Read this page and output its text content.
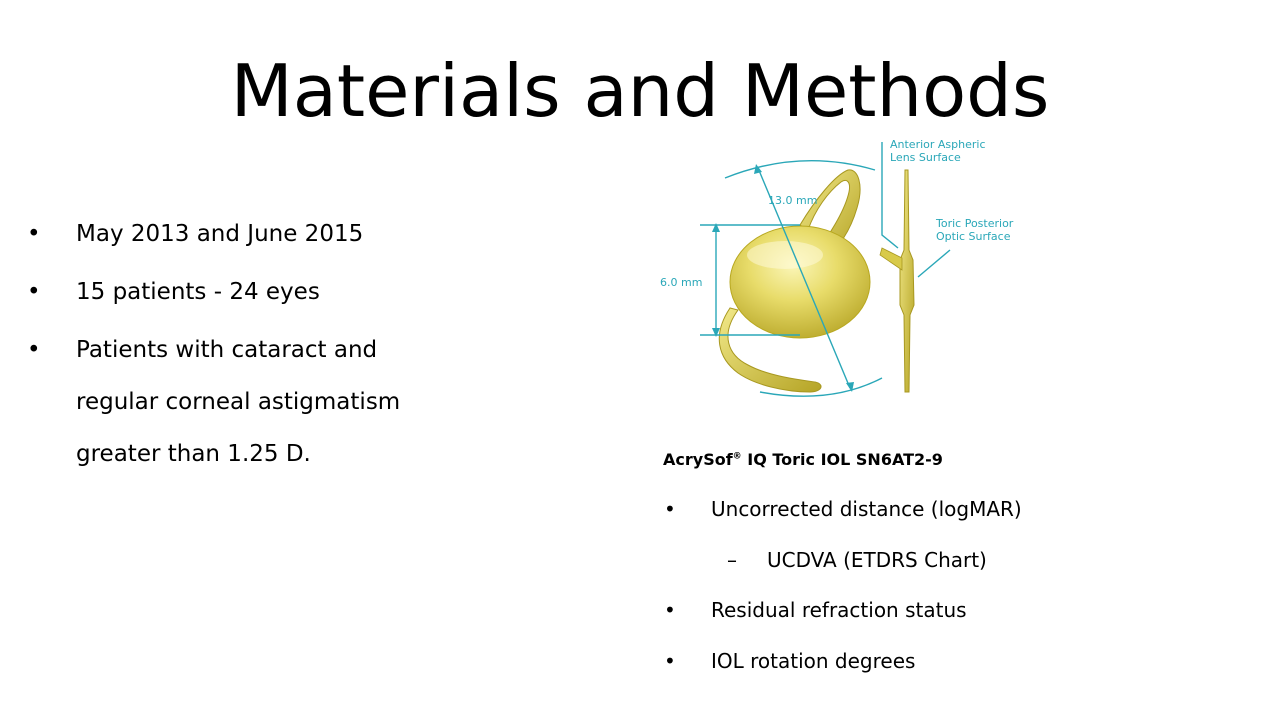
Materials and Methods
• May 2013 and June 2015
• 15 patients - 24 eyes
• Patients with cataract and
regular corneal astigmatism
greater than 1.25 D.
13.0 mm
6.0 mm
Anterior Aspheric
Lens Surface
Toric Posterior
Optic Surface
AcrySof® IQ Toric IOL SN6AT2-9
• Uncorrected distance (logMAR)
– UCDVA (ETDRS Chart)
• Residual refraction status
• IOL rotation degrees
